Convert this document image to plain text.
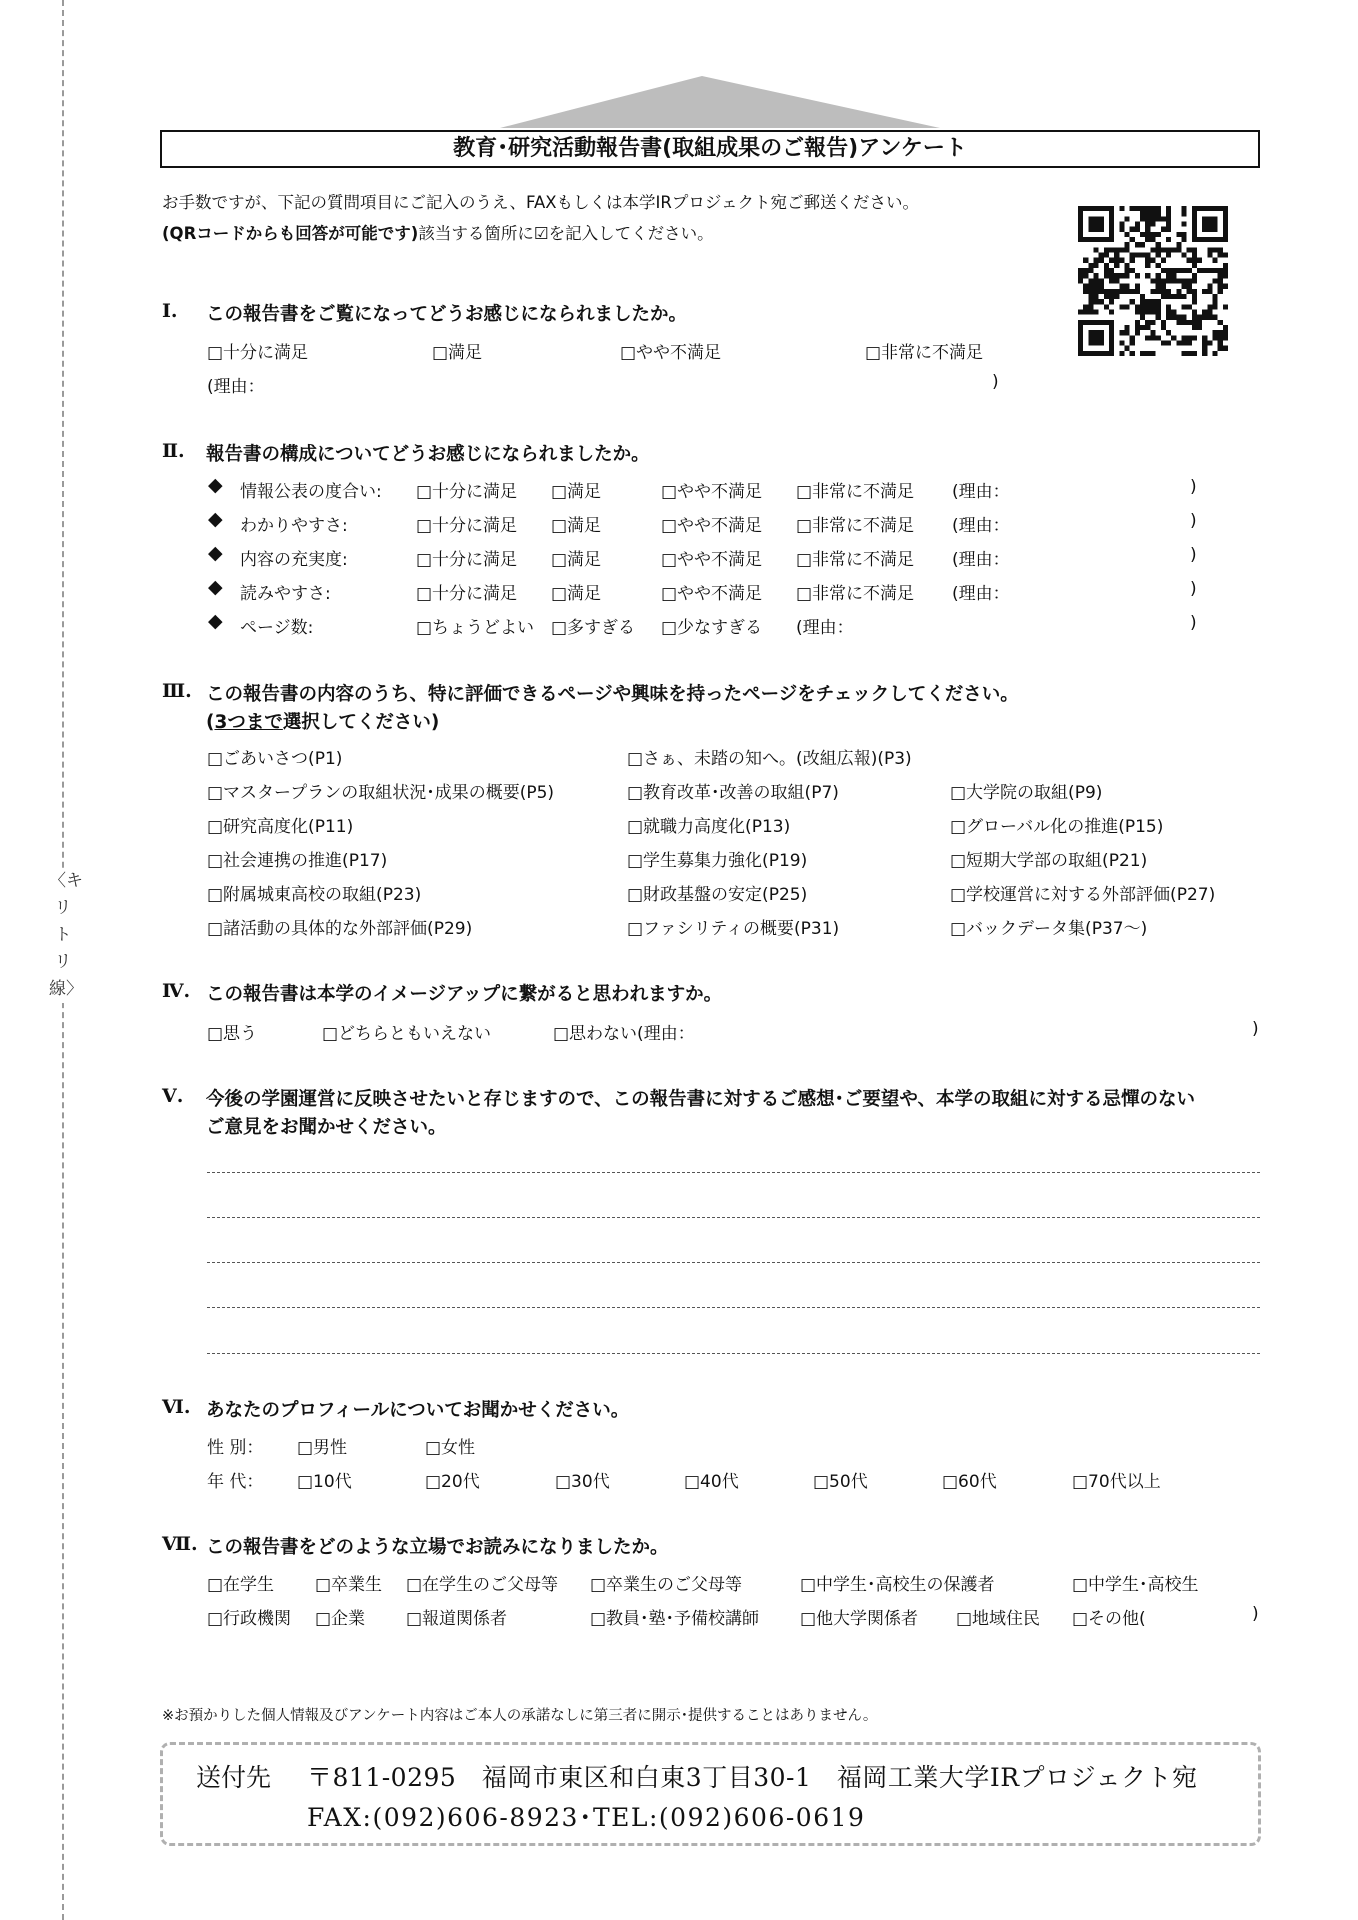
〈キリトリ線〉
教育･研究活動報告書(取組成果のご報告)アンケート
お手数ですが、下記の質問項目にご記入のうえ、FAXもしくは本学IRプロジェクト宛ご郵送ください。
(QRコードからも回答が可能です)該当する箇所に☑を記入してください。
Ⅰ. この報告書をご覧になってどうお感じになられましたか。
□十分に満足	□満足	□やや不満足	□非常に不満足
(理由：	)
Ⅱ. 報告書の構成についてどうお感じになられましたか。
◆ 情報公表の度合い: □十分に満足 □満足	□やや不満足 □非常に不満足 (理由：	)
◆ わかりやすさ:	□十分に満足 □満足	□やや不満足 □非常に不満足 (理由：	)
◆ 内容の充実度:	□十分に満足 □満足	□やや不満足 □非常に不満足 (理由：	)
◆ 読みやすさ:	□十分に満足 □満足	□やや不満足 □非常に不満足 (理由：	)
◆ ページ数:	□ちょうどよい □多すぎる □少なすぎる (理由：	)
Ⅲ. この報告書の内容のうち、特に評価できるページや興味を持ったページをチェックしてください。
(3つまで選択してください)
□ごあいさつ(P1)	□さぁ、未踏の知へ。(改組広報)(P3)
□マスタープランの取組状況･成果の概要(P5)	□教育改革･改善の取組(P7)	□大学院の取組(P9)
□研究高度化(P11)	□就職力高度化(P13)	□グローバル化の推進(P15)
□社会連携の推進(P17)	□学生募集力強化(P19)	□短期大学部の取組(P21)
□附属城東高校の取組(P23)	□財政基盤の安定(P25)	□学校運営に対する外部評価(P27)
□諸活動の具体的な外部評価(P29)	□ファシリティの概要(P31)	□バックデータ集(P37〜)
Ⅳ. この報告書は本学のイメージアップに繋がると思われますか。
□思う	□どちらともいえない	□思わない(理由：	)
Ⅴ. 今後の学園運営に反映させたいと存じますので、この報告書に対するご感想･ご要望や、本学の取組に対する忌憚のない
ご意見をお聞かせください。
Ⅵ. あなたのプロフィールについてお聞かせください。
性 別： □男性	□女性
年 代： □10代	□20代	□30代	□40代	□50代	□60代	□70代以上
Ⅶ. この報告書をどのような立場でお読みになりましたか。
□在学生 □卒業生 □在学生のご父母等 □卒業生のご父母等	□中学生･高校生の保護者	□中学生･高校生
□行政機関 □企業 □報道関係者	□教員･塾･予備校講師 □他大学関係者 □地域住民 □その他(	)
※お預かりした個人情報及びアンケート内容はご本人の承諾なしに第三者に開示･提供することはありません。
送付先 〒811-0295　福岡市東区和白東3丁目30-1　福岡工業大学IRプロジェクト宛
FAX:(092)606-8923･TEL:(092)606-0619
